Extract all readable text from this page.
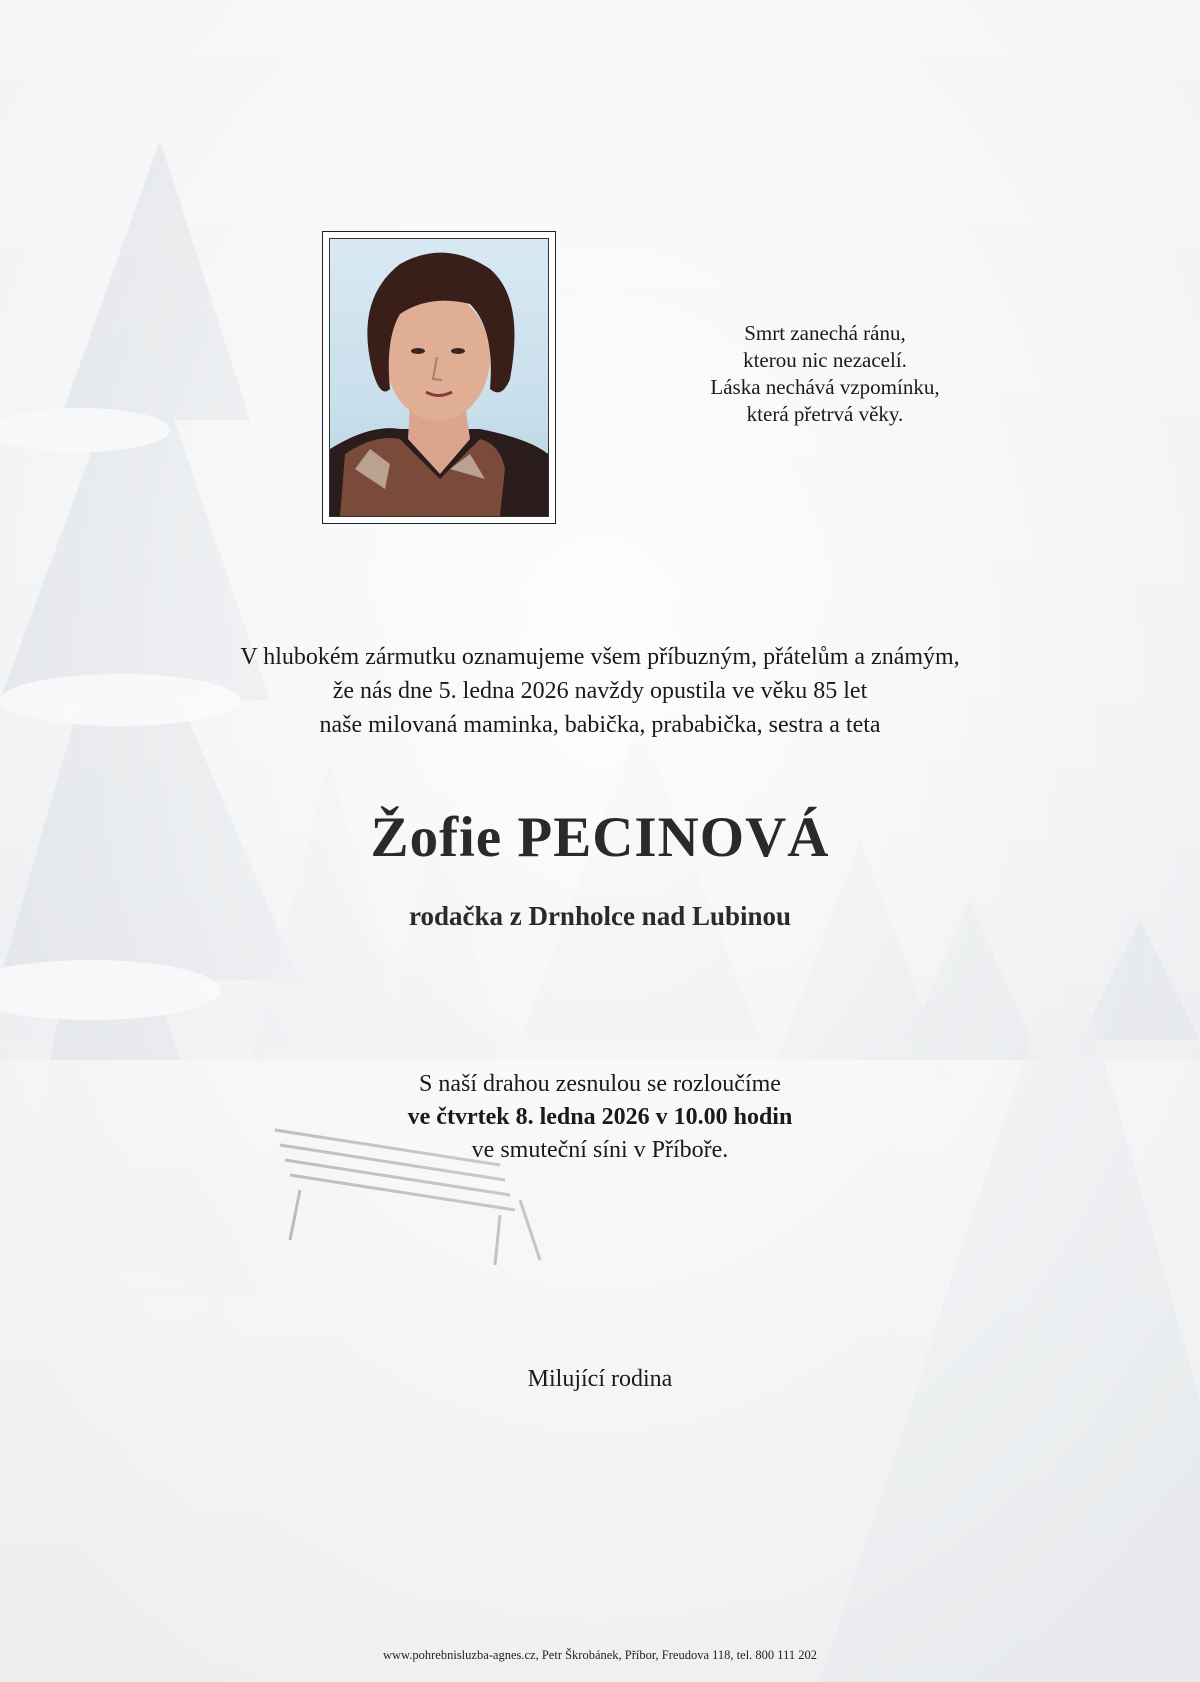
Smrt zanechá ránu,
kterou nic nezacelí.
Láska nechává vzpomínku,
která přetrvá věky.
V hlubokém zármutku oznamujeme všem příbuzným, přátelům a známým,
že nás dne 5. ledna 2026 navždy opustila ve věku 85 let
naše milovaná maminka, babička, prababička, sestra a teta
Žofie PECINOVÁ
rodačka z Drnholce nad Lubinou
S naší drahou zesnulou se rozloučíme
ve čtvrtek 8. ledna 2026 v 10.00 hodin
ve smuteční síni v Příboře.
Milující rodina
www.pohrebnisluzba-agnes.cz, Petr Škrobánek, Příbor, Freudova 118, tel. 800 111 202
